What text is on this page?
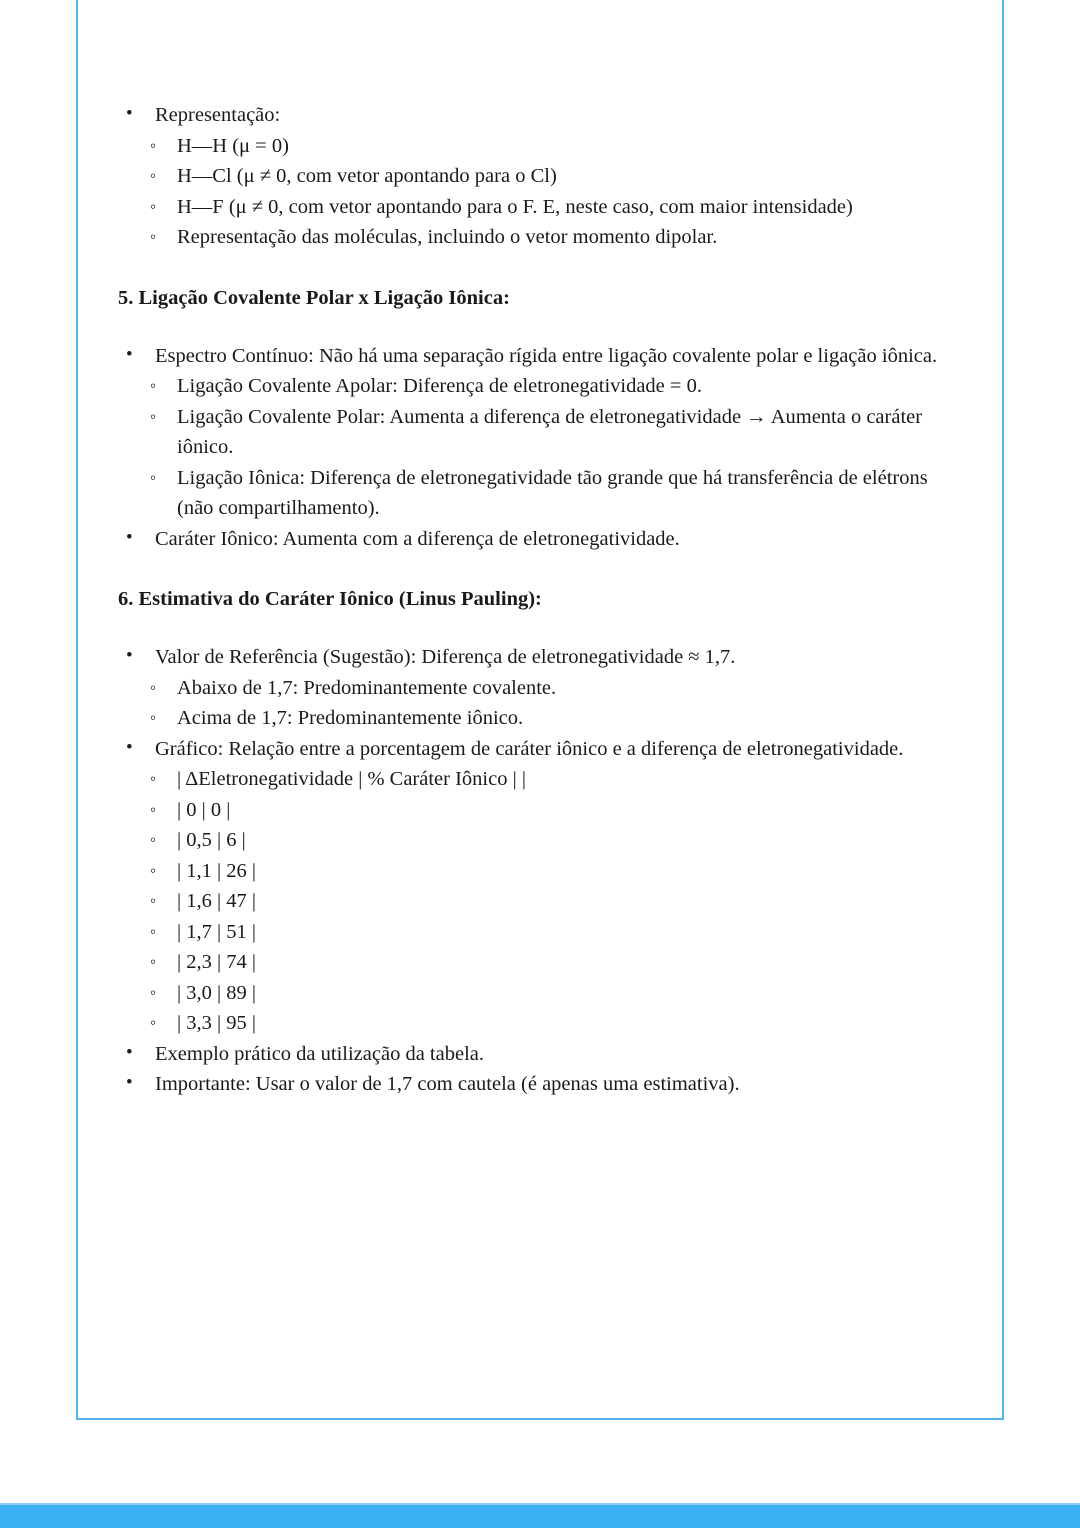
• Representação:
◦ H—H (μ = 0)
◦ H—Cl (μ ≠ 0, com vetor apontando para o Cl)
◦ H—F (μ ≠ 0, com vetor apontando para o F. E, neste caso, com maior intensidade)
◦ Representação das moléculas, incluindo o vetor momento dipolar.
5. Ligação Covalente Polar x Ligação Iônica:
• Espectro Contínuo: Não há uma separação rígida entre ligação covalente polar e ligação iônica.
◦ Ligação Covalente Apolar: Diferença de eletronegatividade = 0.
◦ Ligação Covalente Polar: Aumenta a diferença de eletronegatividade → Aumenta o caráter iônico.
◦ Ligação Iônica: Diferença de eletronegatividade tão grande que há transferência de elétrons (não compartilhamento).
• Caráter Iônico: Aumenta com a diferença de eletronegatividade.
6. Estimativa do Caráter Iônico (Linus Pauling):
• Valor de Referência (Sugestão): Diferença de eletronegatividade ≈ 1,7.
◦ Abaixo de 1,7: Predominantemente covalente.
◦ Acima de 1,7: Predominantemente iônico.
• Gráfico: Relação entre a porcentagem de caráter iônico e a diferença de eletronegatividade.
◦ | ΔEletronegatividade | % Caráter Iônico | |
◦ | 0 | 0 |
◦ | 0,5 | 6 |
◦ | 1,1 | 26 |
◦ | 1,6 | 47 |
◦ | 1,7 | 51 |
◦ | 2,3 | 74 |
◦ | 3,0 | 89 |
◦ | 3,3 | 95 |
• Exemplo prático da utilização da tabela.
• Importante: Usar o valor de 1,7 com cautela (é apenas uma estimativa).
